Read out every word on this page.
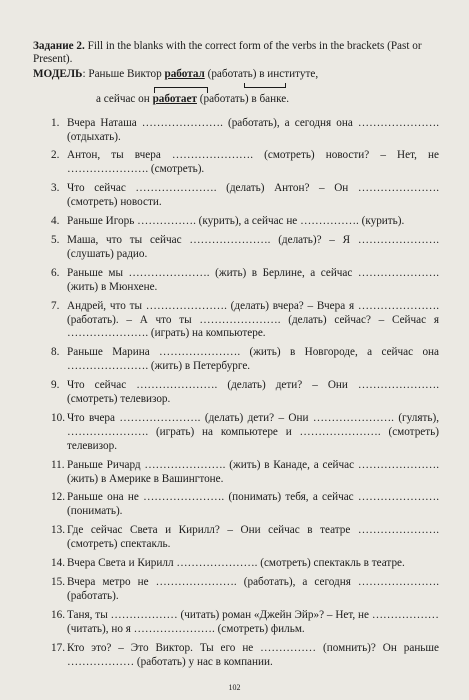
Задание 2. Fill in the blanks with the correct form of the verbs in the brackets (Past or Present).

МОДЕЛЬ: Раньше Виктор работал (работать) в институте,
а сейчас он работает (работать) в банке.
1. Вчера Наташа …………………. (работать), а сегодня она …………………. (отдыхать).
2. Антон, ты вчера …………………. (смотреть) новости? – Нет, не …………………. (смотреть).
3. Что сейчас …………………. (делать) Антон? – Он …………………. (смотреть) новости.
4. Раньше Игорь ……………. (курить), а сейчас не ……………. (курить).
5. Маша, что ты сейчас …………………. (делать)? – Я …………………. (слушать) радио.
6. Раньше мы …………………. (жить) в Берлине, а сейчас …………………. (жить) в Мюнхене.
7. Андрей, что ты …………………. (делать) вчера? – Вчера я …………………. (работать). – А что ты …………………. (делать) сейчас? – Сейчас я …………………. (играть) на компьютере.
8. Раньше Марина …………………. (жить) в Новгороде, а сейчас она …………………. (жить) в Петербурге.
9. Что сейчас …………………. (делать) дети? – Они …………………. (смотреть) телевизор.
10. Что вчера …………………. (делать) дети? – Они …………………. (гулять), …………………. (играть) на компьютере и …………………. (смотреть) телевизор.
11. Раньше Ричард …………………. (жить) в Канаде, а сейчас …………………. (жить) в Америке в Вашингтоне.
12. Раньше она не …………………. (понимать) тебя, а сейчас …………………. (понимать).
13. Где сейчас Света и Кирилл? – Они сейчас в театре …………………. (смотреть) спектакль.
14. Вчера Света и Кирилл …………………. (смотреть) спектакль в театре.
15. Вчера метро не …………………. (работать), а сегодня …………………. (работать).
16. Таня, ты ……………… (читать) роман «Джейн Эйр»? – Нет, не ……………… (читать), но я …………………. (смотреть) фильм.
17. Кто это? – Это Виктор. Ты его не …………… (помнить)? Он раньше ……………… (работать) у нас в компании.
102
